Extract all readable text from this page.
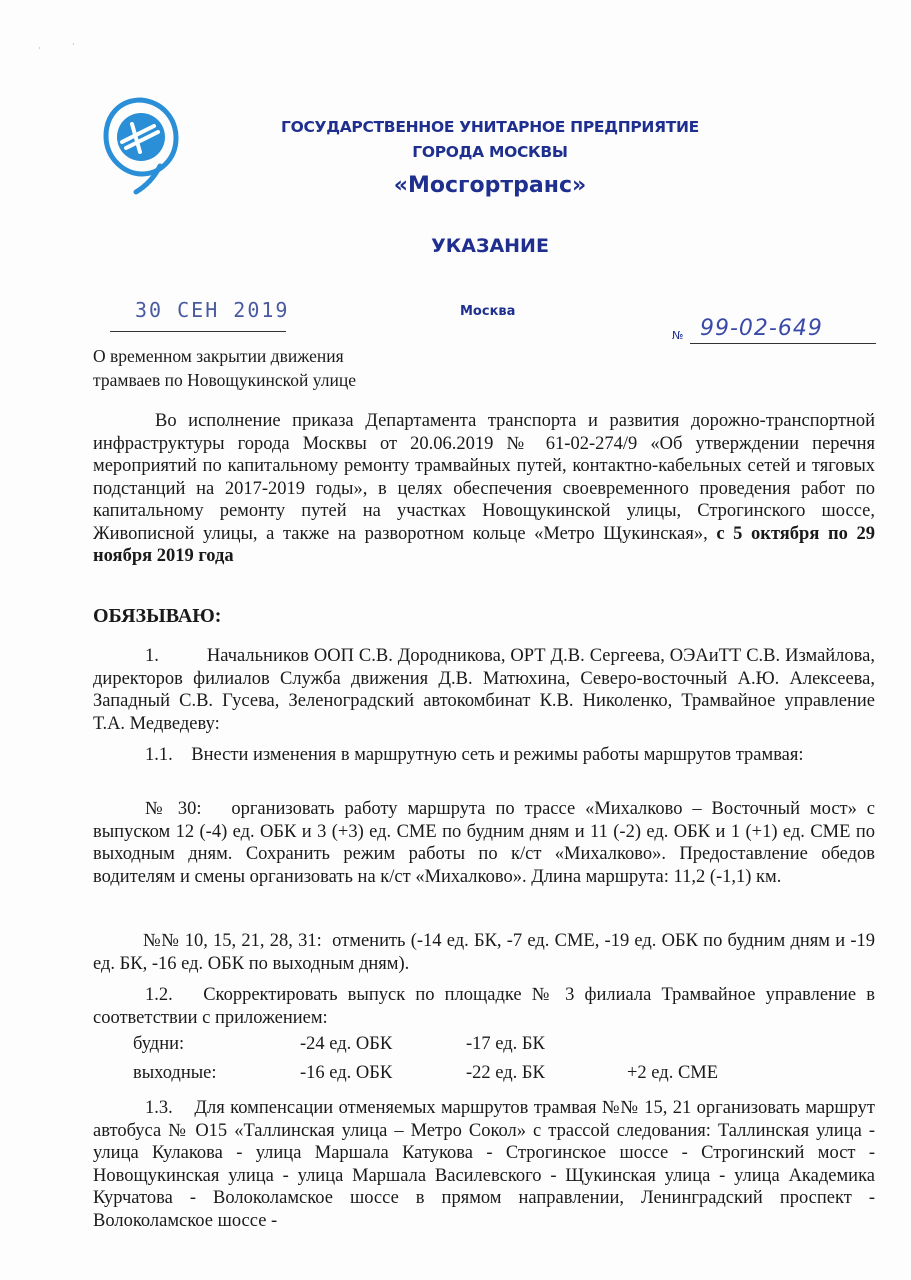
·	·
ГОСУДАРСТВЕННОЕ УНИТАРНОЕ ПРЕДПРИЯТИЕ
ГОРОДА МОСКВЫ
«Мосгортранс»
УКАЗАНИЕ
30 СЕН 2019	Москва
№ 99-02-649
О временном закрытии движения
трамваев по Новощукинской улице
Во исполнение приказа Департамента транспорта и развития дорожно-транспортной инфраструктуры города Москвы от 20.06.2019 № 61-02-274/9 «Об утверждении перечня мероприятий по капитальному ремонту трамвайных путей, контактно-кабельных сетей и тяговых подстанций на 2017-2019 годы», в целях обеспечения своевременного проведения работ по капитальному ремонту путей на участках Новощукинской улицы, Строгинского шоссе, Живописной улицы, а также на разворотном кольце «Метро Щукинская», с 5 октября по 29 ноября 2019 года
ОБЯЗЫВАЮ:
1.	Начальников ООП С.В. Дородникова, ОРТ Д.В. Сергеева, ОЭАиТТ С.В. Измайлова, директоров филиалов Служба движения Д.В. Матюхина, Северо-восточный А.Ю. Алексеева, Западный С.В. Гусева, Зеленоградский автокомбинат К.В. Николенко, Трамвайное управление Т.А. Медведеву:
1.1. Внести изменения в маршрутную сеть и режимы работы маршрутов трамвая:
№ 30: организовать работу маршрута по трассе «Михалково – Восточный мост» с выпуском 12 (-4) ед. ОБК и 3 (+3) ед. СМЕ по будним дням и 11 (-2) ед. ОБК и 1 (+1) ед. СМЕ по выходным дням. Сохранить режим работы по к/ст «Михалково». Предоставление обедов водителям и смены организовать на к/ст «Михалково». Длина маршрута: 11,2 (-1,1) км.
№№ 10, 15, 21, 28, 31: отменить (-14 ед. БК, -7 ед. СМЕ, -19 ед. ОБК по будним дням и -19 ед. БК, -16 ед. ОБК по выходным дням).
1.2. Скорректировать выпуск по площадке № 3 филиала Трамвайное управление в соответствии с приложением:
будни:	-24 ед. ОБК	-17 ед. БК
выходные:	-16 ед. ОБК	-22 ед. БК	+2 ед. СМЕ
1.3. Для компенсации отменяемых маршрутов трамвая №№ 15, 21 организовать маршрут автобуса № О15 «Таллинская улица – Метро Сокол» с трассой следования: Таллинская улица - улица Кулакова - улица Маршала Катукова - Строгинское шоссе - Строгинский мост - Новощукинская улица - улица Маршала Василевского - Щукинская улица - улица Академика Курчатова - Волоколамское шоссе в прямом направлении, Ленинградский проспект - Волоколамское шоссе -
